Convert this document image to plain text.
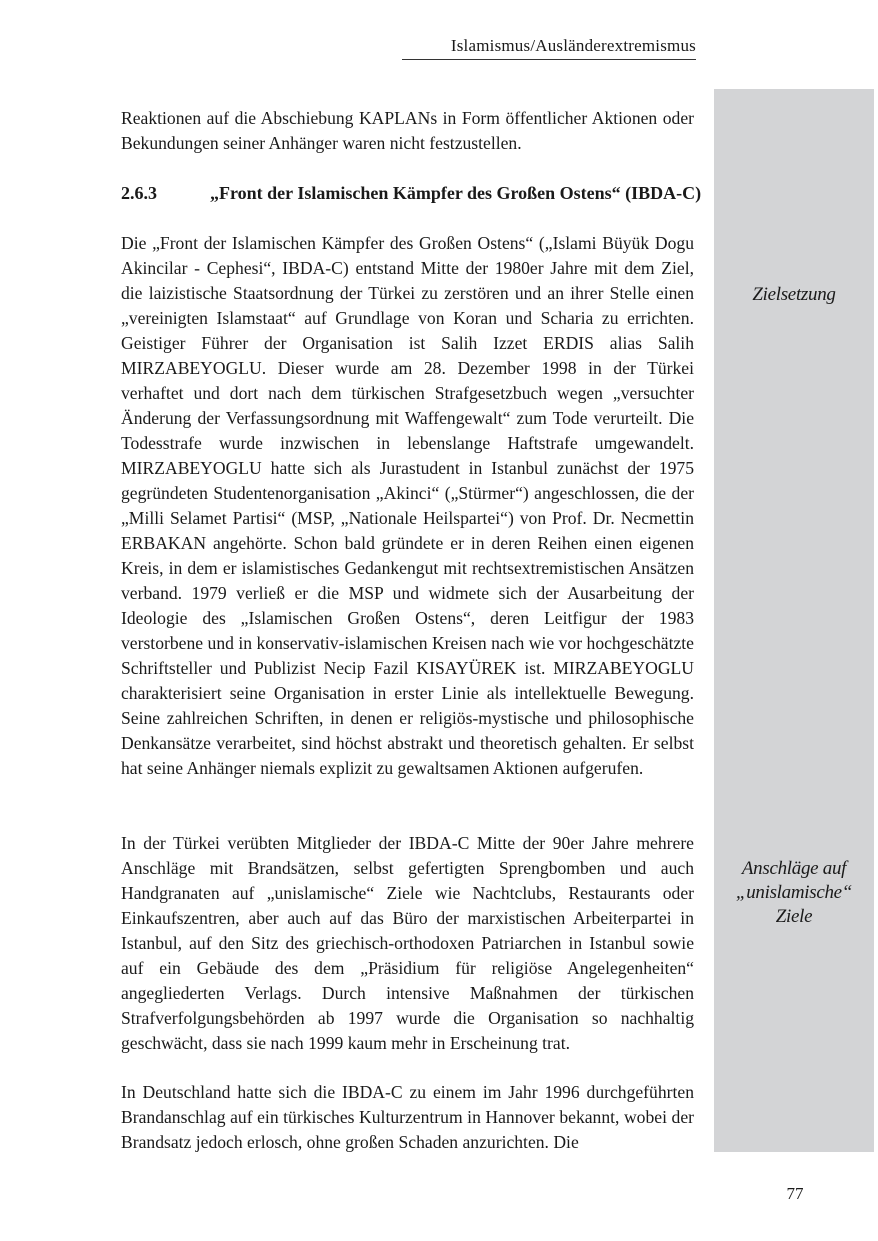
Islamismus/Ausländerextremismus

Reaktionen auf die Abschiebung KAPLANs in Form öffentlicher Aktionen oder Bekundungen seiner Anhänger waren nicht festzustellen.

2.6.3	„Front der Islamischen Kämpfer des Großen Ostens“ (IBDA-C)

Die „Front der Islamischen Kämpfer des Großen Ostens“ („Islami Büyük Dogu Akincilar - Cephesi“, IBDA-C) entstand Mitte der 1980er Jahre mit dem Ziel, die laizistische Staatsordnung der Türkei zu zerstören und an ihrer Stelle einen „vereinigten Islamstaat“ auf Grundlage von Koran und Scharia zu errichten. Geistiger Führer der Organisation ist Salih Izzet ERDIS alias Salih MIRZABEYOGLU. Dieser wurde am 28. Dezember 1998 in der Türkei verhaftet und dort nach dem türkischen Strafgesetzbuch wegen „versuchter Änderung der Verfassungsordnung mit Waffengewalt“ zum Tode verurteilt. Die Todesstrafe wurde inzwischen in lebenslange Haftstrafe umgewandelt. MIRZABEYOGLU hatte sich als Jurastudent in Istanbul zunächst der 1975 gegründeten Studentenorganisation „Akinci“ („Stürmer“) angeschlossen, die der „Milli Selamet Partisi“ (MSP, „Nationale Heilspartei“) von Prof. Dr. Necmettin ERBAKAN angehörte. Schon bald gründete er in deren Reihen einen eigenen Kreis, in dem er islamistisches Gedankengut mit rechtsextremistischen Ansätzen verband. 1979 verließ er die MSP und widmete sich der Ausarbeitung der Ideologie des „Islamischen Großen Ostens“, deren Leitfigur der 1983 verstorbene und in konservativ-islamischen Kreisen nach wie vor hochgeschätzte Schriftsteller und Publizist Necip Fazil KISAYÜREK ist. MIRZABEYOGLU charakterisiert seine Organisation in erster Linie als intellektuelle Bewegung. Seine zahlreichen Schriften, in denen er religiös-mystische und philosophische Denkansätze verarbeitet, sind höchst abstrakt und theoretisch gehalten. Er selbst hat seine Anhänger niemals explizit zu gewaltsamen Aktionen aufgerufen.

Zielsetzung

In der Türkei verübten Mitglieder der IBDA-C Mitte der 90er Jahre mehrere Anschläge mit Brandsätzen, selbst gefertigten Sprengbomben und auch Handgranaten auf „unislamische“ Ziele wie Nachtclubs, Restaurants oder Einkaufszentren, aber auch auf das Büro der marxistischen Arbeiterpartei in Istanbul, auf den Sitz des griechisch-orthodoxen Patriarchen in Istanbul sowie auf ein Gebäude des dem „Präsidium für religiöse Angelegenheiten“ angegliederten Verlags. Durch intensive Maßnahmen der türkischen Strafverfolgungsbehörden ab 1997 wurde die Organisation so nachhaltig geschwächt, dass sie nach 1999 kaum mehr in Erscheinung trat.

Anschläge auf
„unislamische“
Ziele

In Deutschland hatte sich die IBDA-C zu einem im Jahr 1996 durchgeführten Brandanschlag auf ein türkisches Kulturzentrum in Hannover bekannt, wobei der Brandsatz jedoch erlosch, ohne großen Schaden anzurichten. Die

77
